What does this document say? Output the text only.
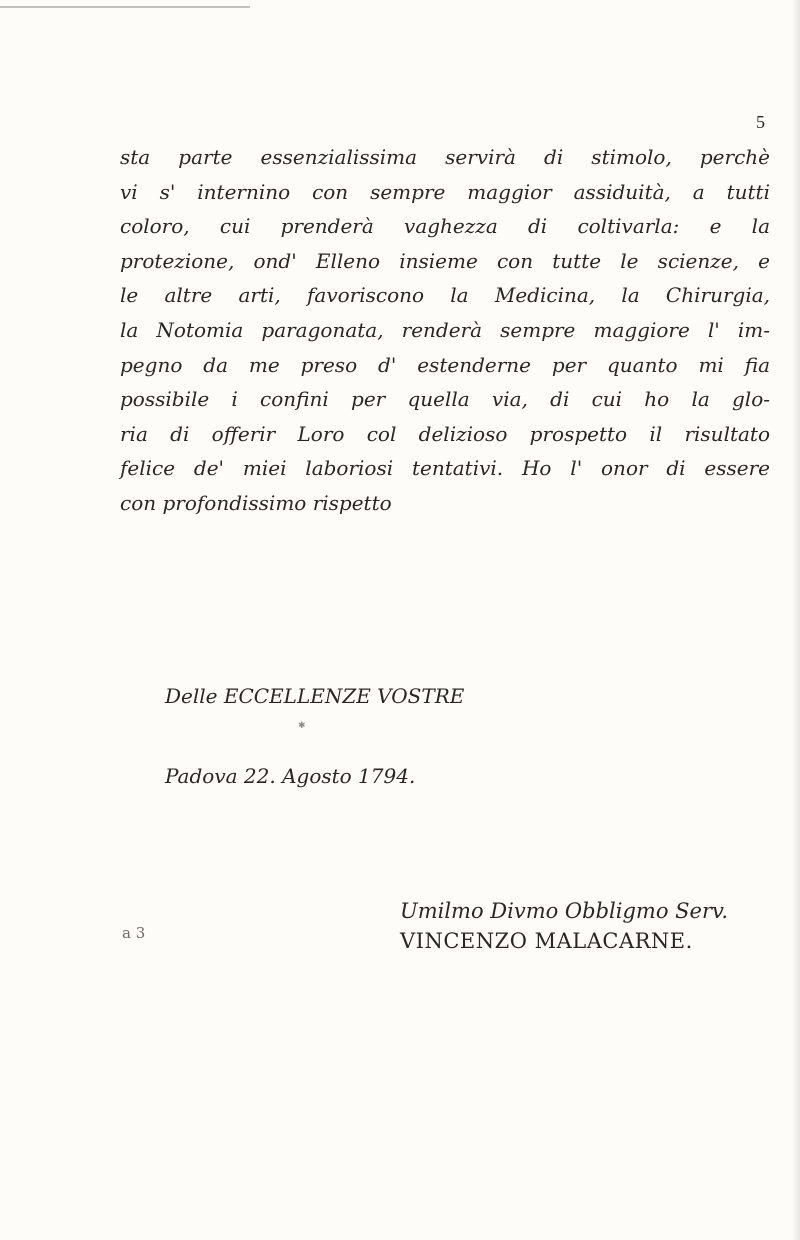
5
sta parte essenzialissima servirà di stimolo, perchè
vi s' internino con sempre maggior assiduità, a tutti
coloro, cui prenderà vaghezza di coltivarla: e la
protezione, ond' Elleno insieme con tutte le scienze, e
le altre arti, favoriscono la Medicina, la Chirurgia,
la Notomia paragonata, renderà sempre maggiore l' im-
pegno da me preso d' estenderne per quanto mi fia
possibile i confini per quella via, di cui ho la glo-
ria di offerir Loro col delizioso prospetto il risultato
felice de' miei laboriosi tentativi. Ho l' onor di essere
con profondissimo rispetto
Delle ECCELLENZE VOSTRE
✱
Padova 22. Agosto 1794.
Umilmo Divmo Obbligmo Serv.
VINCENZO MALACARNE.
a 3
